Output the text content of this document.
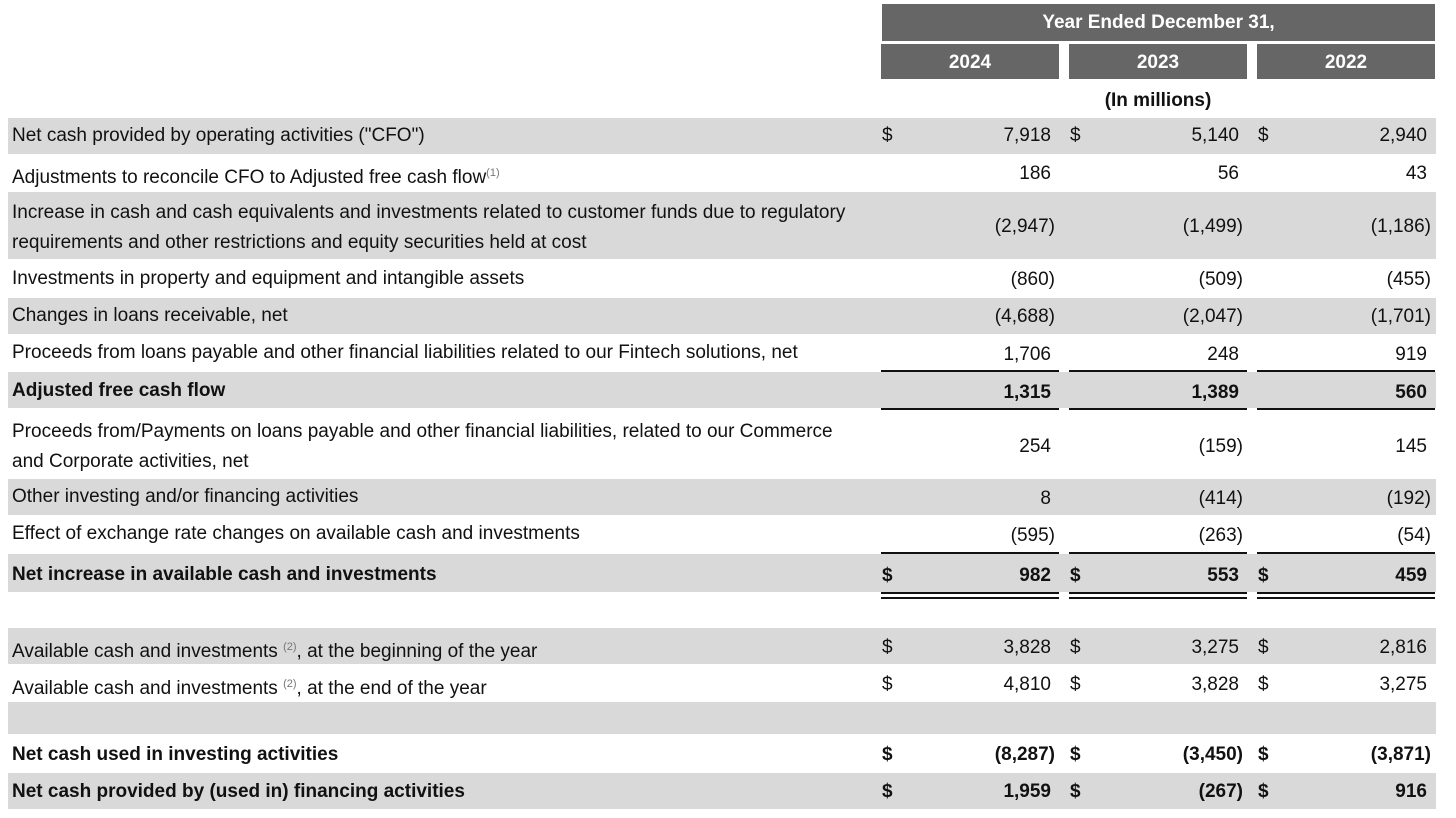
Year Ended December 31,
2024	2023	2022
(In millions)
Net cash provided by operating activities ("CFO")	$	7,918 $	5,140 $	2,940
Adjustments to reconcile CFO to Adjusted free cash flow$^{(1)}$	186	56	43
Increase in cash and cash equivalents and investments related to customer funds due to regulatory
requirements and other restrictions and equity securities held at cost
(2,947)	(1,499)	(1,186)
Investments in property and equipment and intangible assets	(860)	(509)	(455)
Changes in loans receivable, net	(4,688)	(2,047)	(1,701)
Proceeds from loans payable and other financial liabilities related to our Fintech solutions, net	1,706	248	919
Adjusted free cash flow	1,315	1,389	560
Proceeds from/Payments on loans payable and other financial liabilities, related to our Commerce
and Corporate activities, net
254	(159)	145
Other investing and/or financing activities	8	(414)	(192)
Effect of exchange rate changes on available cash and investments	(595)	(263)	(54)
Net increase in available cash and investments	$	982 $	553 $	459
Available cash and investments $^{(2)}$, at the beginning of the year	$	3,828 $	3,275 $	2,816
Available cash and investments $^{(2)}$, at the end of the year	$	4,810 $	3,828 $	3,275
Net cash used in investing activities	$	(8,287) $	(3,450) $	(3,871)
Net cash provided by (used in) financing activities	$	1,959 $	(267) $	916
